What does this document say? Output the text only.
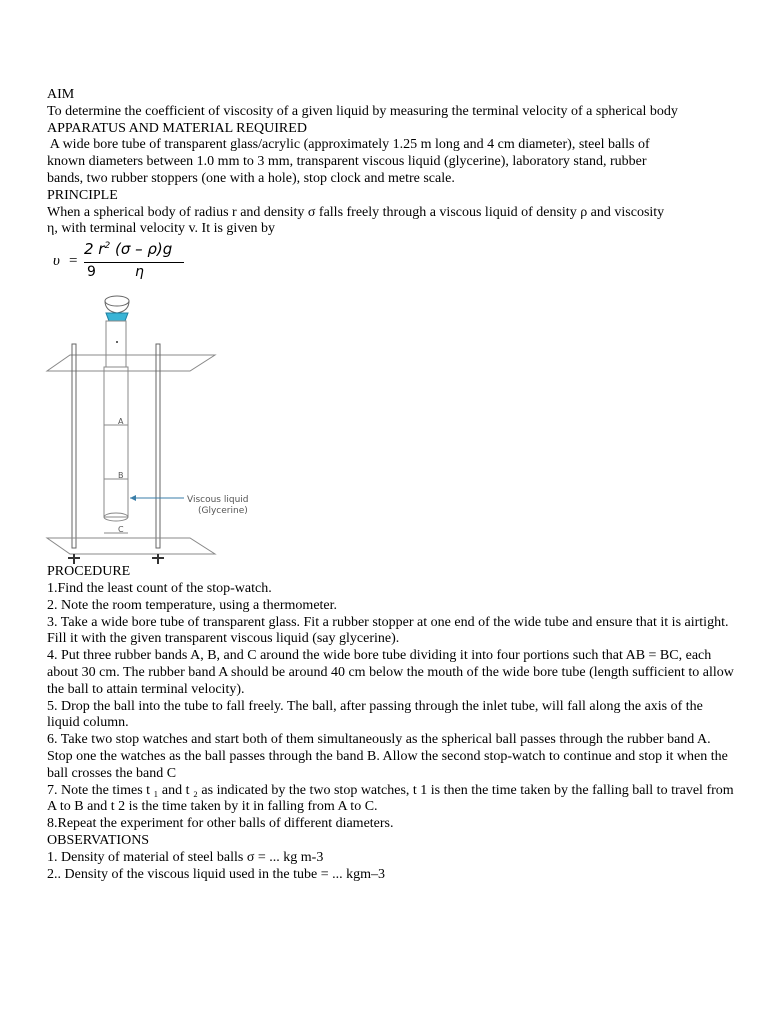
AIM
To determine the coefficient of viscosity of a given liquid by measuring the terminal velocity of a spherical body
APPARATUS AND MATERIAL REQUIRED
A wide bore tube of transparent glass/acrylic (approximately 1.25 m long and 4 cm diameter), steel balls of
known diameters between 1.0 mm to 3 mm, transparent viscous liquid (glycerine), laboratory stand, rubber
bands, two rubber stoppers (one with a hole), stop clock and metre scale.
PRINCIPLE
When a spherical body of radius r and density σ falls freely through a viscous liquid of density ρ and viscosity
η, with terminal velocity v. It is given by
υ =
2 $r^2$ (σ – ρ)g
9	η
A
B
C
Viscous liquid
(Glycerine)
PROCEDURE
1.Find the least count of the stop-watch.
2. Note the room temperature, using a thermometer.
3. Take a wide bore tube of transparent glass. Fit a rubber stopper at one end of the wide tube and ensure that it is airtight. Fill it with the given transparent viscous liquid (say glycerine).
4. Put three rubber bands A, B, and C around the wide bore tube dividing it into four portions such that AB = BC, each about 30 cm. The rubber band A should be around 40 cm below the mouth of the wide bore tube (length sufficient to allow the ball to attain terminal velocity).
5. Drop the ball into the tube to fall freely. The ball, after passing through the inlet tube, will fall along the axis of the liquid column.
6. Take two stop watches and start both of them simultaneously as the spherical ball passes through the rubber band A. Stop one the watches as the ball passes through the band B. Allow the second stop-watch to continue and stop it when the ball crosses the band C
7. Note the times t ₁ and t ₂ as indicated by the two stop watches, t 1 is then the time taken by the falling ball to travel from A to B and t 2 is the time taken by it in falling from A to C.
8.Repeat the experiment for other balls of different diameters.
OBSERVATIONS
1. Density of material of steel balls σ = ... kg m-3
2.. Density of the viscous liquid used in the tube = ... kgm–3
